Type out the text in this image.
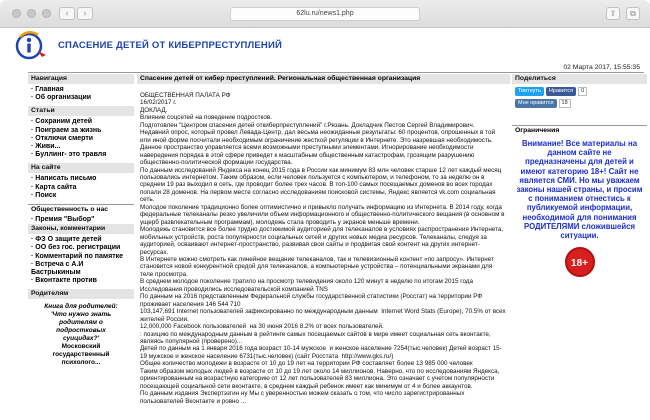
‹	›	62lu.ru/news1.php	⇪	⧉
СПАСЕНИЕ ДЕТЕЙ ОТ КИБЕРПРЕСТУПЛЕНИЙ
02 Марта 2017, 15:55:35
Навигация
· Главная
· Об организации
Статьи
· Сохраним детей
· Поиграем за жизнь
· Отключи смерти
· Живи...
· Буллинг- это травля
На сайте
· Написать письмо
· Карта сайта
· Поиск
Общественность о нас
· Премия "Выбор"
Законы, комментарии
· ФЗ О защите детей
· ОО без гос. регистрации
· Комментарий по памятке
· Встреча с А.И Бастрыкиным
· Вконтакте против
Родителям
Книга для родителей:
'Что нужно знать родителям о подростковых суицидах?'
Московский государственный психолого...
Спасение детей от кибер преступлений. Региональная общественная организация

ОБЩЕСТВЕННАЯ ПАЛАТА РФ
16/02/2017 г.
ДОКЛАД.
Влияние соцсетей на поведение подростков.
Подготовлен "Центром спасения детей откиберпреступлений" г.Рязань. Докладчик Пестов Сергей Владимирович.
Недавний опрос, который провел Левада-Центр, дал весьма неожиданные результаты: 60 процентов, опрошенных в той или иной форме посчитали необходимым ограничение жесткой регуляции в Интернете. Это назревшая необходимость. Данное пространство управляется всеми возможными преступными элементами. Игнорирование необходимости навередения порядка в этой сфере приведет к масштабным общественным катастрофам, грозящим разрушению общественно-политической формации государства.
По данным исследований Яндекса на конец 2015 года в России как минимум 83 млн человек старше 12 лет каждый месяц пользовались интернетом. Таким образом, если человек пользуется с компьютером, и телефоном, то за неделю он в среднем 19 раз выходил в сеть, где проводит более трех часов. В топ-100 самых посещаемых доменов во всех городах попали 28 доменов. На первом месте согласно исследованиям поисковой системы, Яндекс является vk.com социальная сеть.
Молодое поколение традиционно более оптимистично и привыкло получать информацию из Интернета. В 2014 году, когда федеральные телеканалы резко увеличили объем информационного и общественно-политического вещания (в основном в ущерб развлекательным программам), молодежь стала проводить у экранов меньше времени.
Молодежь становится все более трудно достижимой аудиторией для телеканалов в условиях распространения Интернета, мобильных устройств, роста популярности социальных сетей и других новых медиа ресурсов. Телеканалы, следуя за аудиторией, осваивают интернет-пространство, развивая свои сайты и продвигая свой контент на других интернет-ресурсах.
В Интернете можно смотреть как линейное вещание телеканалов, так и телевизионный контент «по запросу». Интернет становится новой конкурентной средой для телеканалов, а компьютерные устройства – потенциальными экранами для теле просмотра.
В среднем молодое поколение тратило на просмотр телевидения около 120 минут в неделю по итогам 2015 года Исследования проводились исследовательской компанией TNS
По данным на 2016 представленным Федеральной службы государственной статистики (Росстат) на территории РФ проживает населения 146 544 710
103,147,691 Internet пользователей зафиксированно по международным данным  Internet Word Stats (Europe), 70.5% от всех жителей России.
12,000,000 Facebook пользователей  на 30 июня 2016 8.2% от всех пользователей.
: позицию по международным данным в рейтинге самых посещаемых сайтов в мире имеет социальная сеть вконтакте, являясь популярной (проверено)...
Детей по данным на 1 января 2016 года возраст 10-14 мужское  и женское население 7254(тыс.человек) Детей возраст 15-19 мужское и женское население 6731(тыс.человек) (сайт Росстата  http://www.gks.ru/)
Общее количество молодежи в возрасте от 10 до 19 лет на территории РФ составляет более 13 985 000 человек
Таким образом молодых людей в возрасте от 10 до 19 лет около 14 миллионов. Наверно, что по исследованиям Яндекса, ориентированным на возрастную категорию от 12 лет пользователей 83 миллиона. Это означает с учетом популярности посещающей социальной сети вконтакте, в среднем каждый ребенок имеет как минимум от 4 и более аккаунтов.
По данным издания Экспертэзгин ну Мы с уверенностью можем сказать о том, что число зарегистрированных пользователей Вконтакте и ровно ...

Поделиться
Твитнуть	Нравится	0
Мне нравится	18
Ограничения
Внимание! Все материалы на данном сайте не предназначены для детей и имеют категорию 18+! Сайт не является СМИ. Но мы уважаем законы нашей страны, и просим с пониманием отнестись к публикуемой информации, необходимой для понимания РОДИТЕЛЯМИ сложившейся ситуации.
18+
